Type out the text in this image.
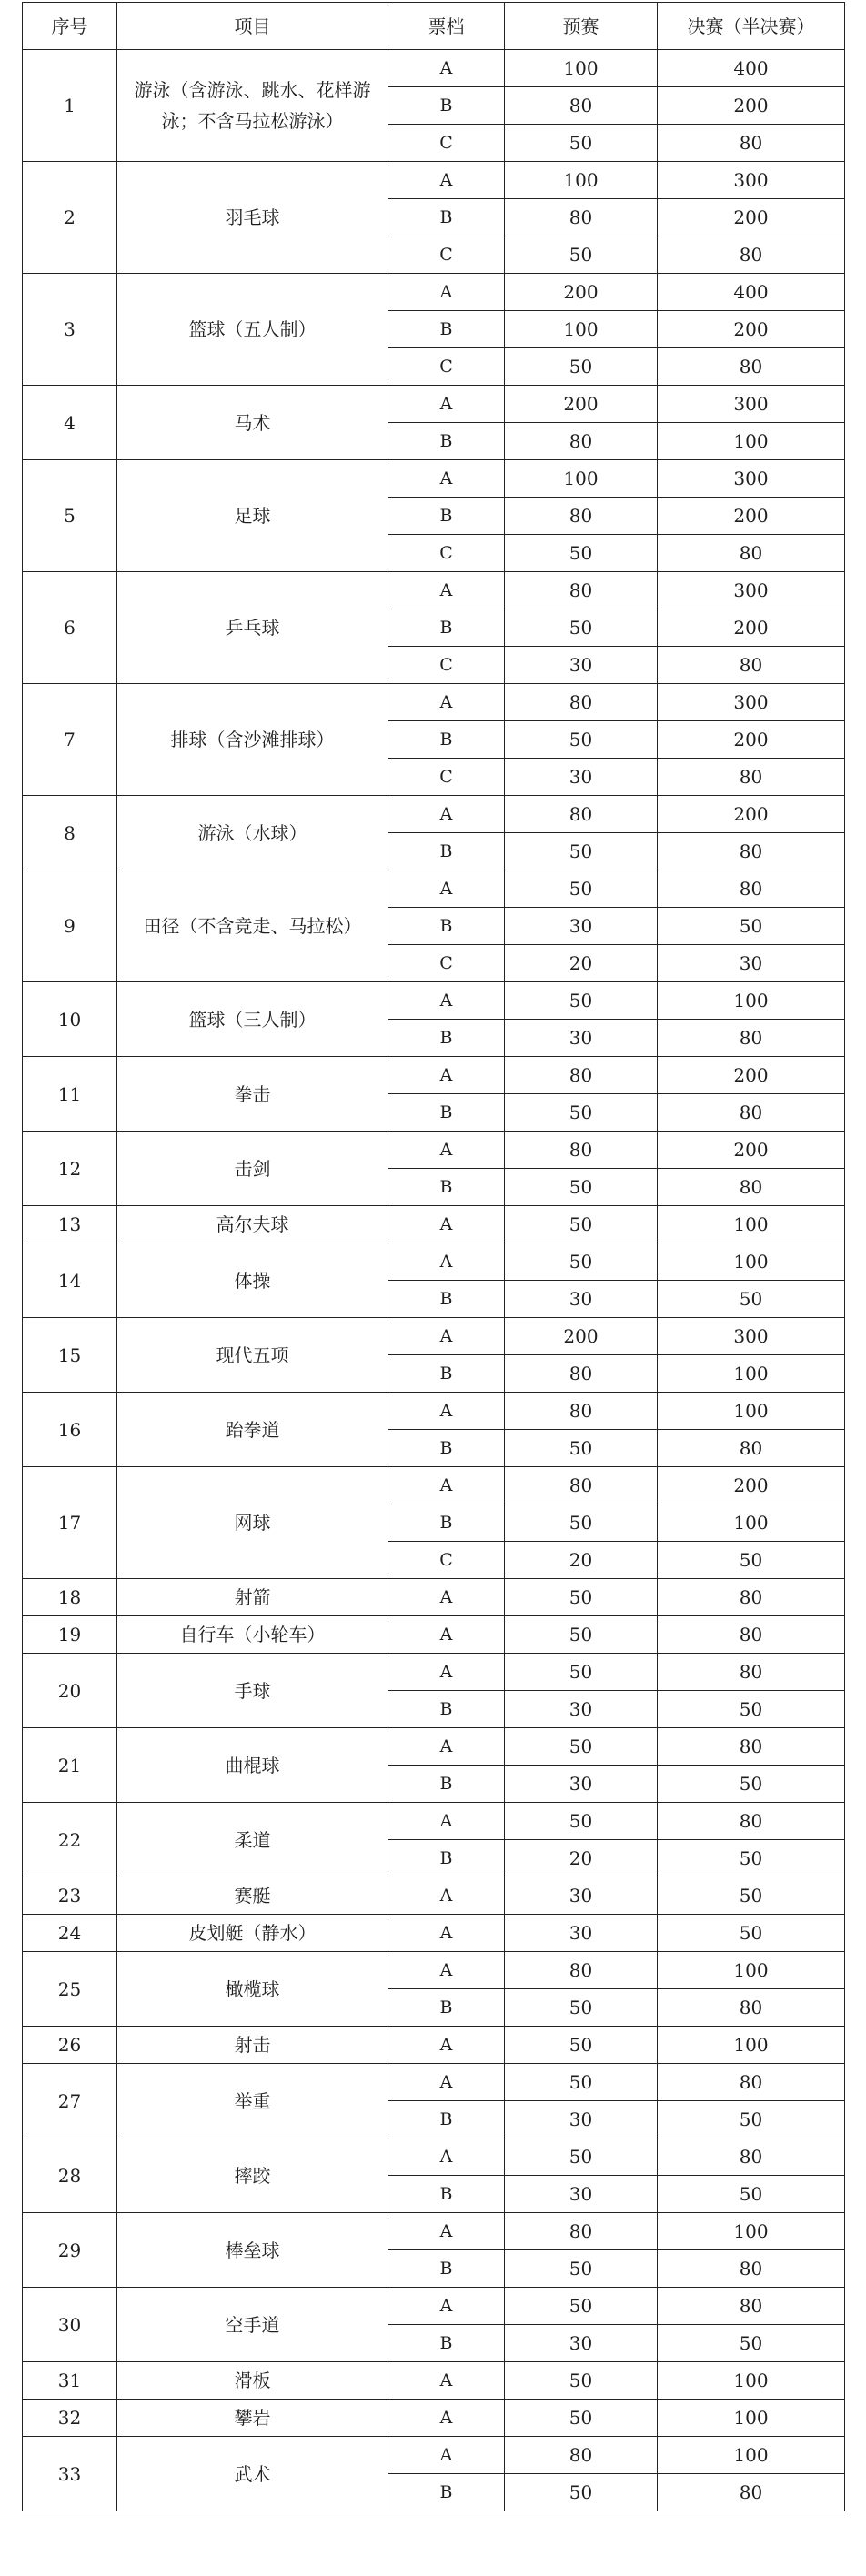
序号	项目	票档	预赛	决赛（半决赛）
1	游泳（含游泳、跳水、花样游泳；不含马拉松游泳）	A	100	400
		B	80	200
		C	50	80
2	羽毛球	A	100	300
		B	80	200
		C	50	80
3	篮球（五人制）	A	200	400
		B	100	200
		C	50	80
4	马术	A	200	300
		B	80	100
5	足球	A	100	300
		B	80	200
		C	50	80
6	乒乓球	A	80	300
		B	50	200
		C	30	80
7	排球（含沙滩排球）	A	80	300
		B	50	200
		C	30	80
8	游泳（水球）	A	80	200
		B	50	80
9	田径（不含竞走、马拉松）	A	50	80
		B	30	50
		C	20	30
10	篮球（三人制）	A	50	100
		B	30	80
11	拳击	A	80	200
		B	50	80
12	击剑	A	80	200
		B	50	80
13	高尔夫球	A	50	100
14	体操	A	50	100
		B	30	50
15	现代五项	A	200	300
		B	80	100
16	跆拳道	A	80	100
		B	50	80
17	网球	A	80	200
		B	50	100
		C	20	50
18	射箭	A	50	80
19	自行车（小轮车）	A	50	80
20	手球	A	50	80
		B	30	50
21	曲棍球	A	50	80
		B	30	50
22	柔道	A	50	80
		B	20	50
23	赛艇	A	30	50
24	皮划艇（静水）	A	30	50
25	橄榄球	A	80	100
		B	50	80
26	射击	A	50	100
27	举重	A	50	80
		B	30	50
28	摔跤	A	50	80
		B	30	50
29	棒垒球	A	80	100
		B	50	80
30	空手道	A	50	80
		B	30	50
31	滑板	A	50	100
32	攀岩	A	50	100
33	武术	A	80	100
		B	50	80
